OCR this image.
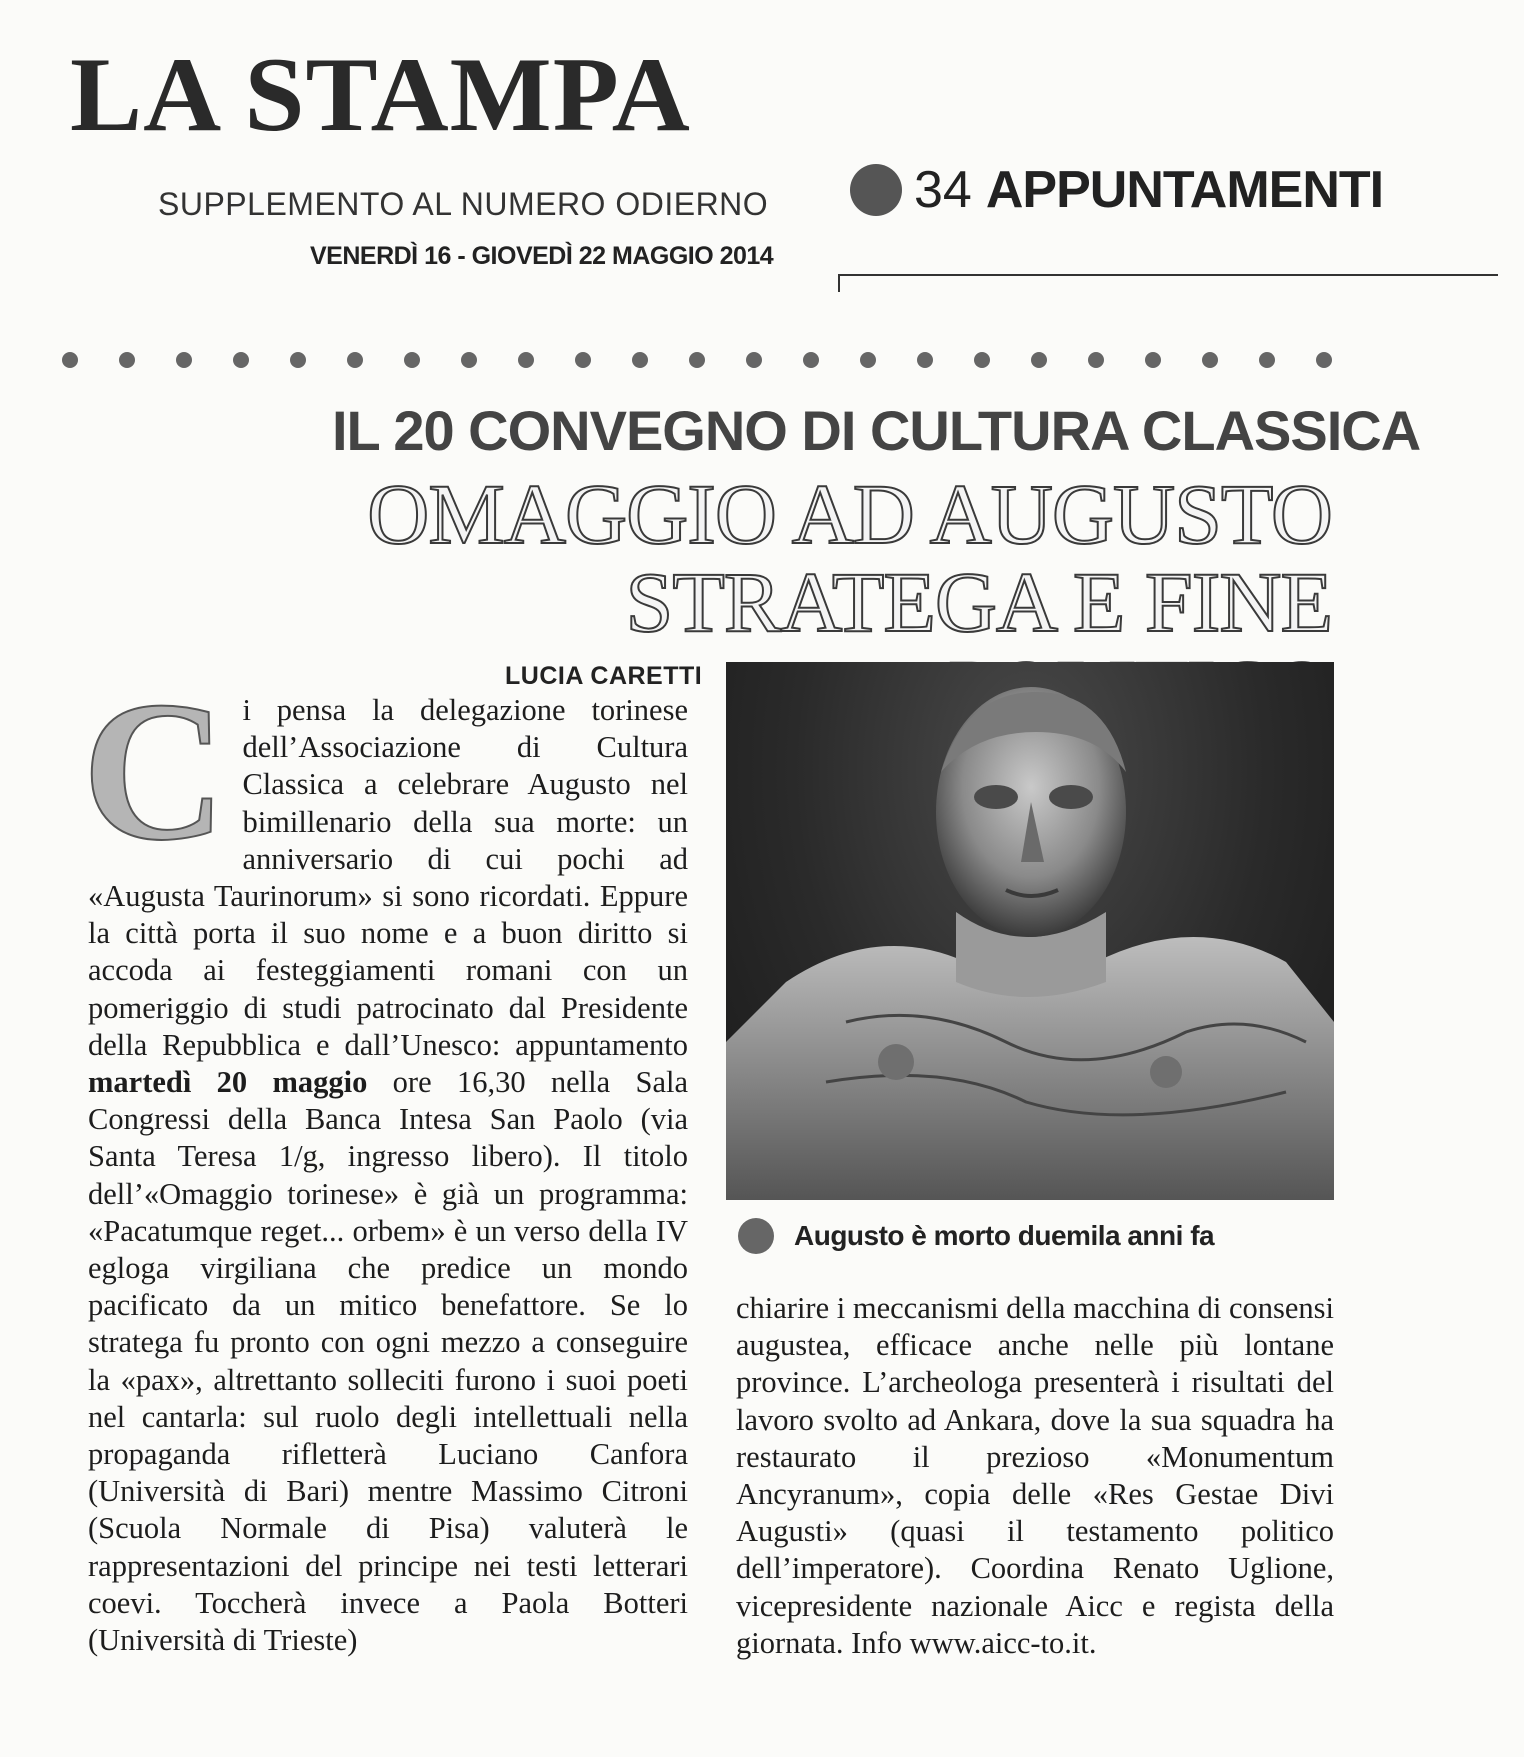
LA STAMPA
SUPPLEMENTO AL NUMERO ODIERNO
VENERDÌ 16 - GIOVEDÌ 22 MAGGIO 2014
34 APPUNTAMENTI
IL 20 CONVEGNO DI CULTURA CLASSICA
OMAGGIO AD AUGUSTO
STRATEGA E FINE
LUCIA CARETTI

Ci pensa la delegazione torinese dell’Associazione di Cultura Classica a celebrare Augusto nel bimillenario della sua morte: un anniversario di cui pochi ad «Augusta Taurinorum» si sono ricordati. Eppure la città porta il suo nome e a buon diritto si accoda ai festeggiamenti romani con un pomeriggio di studi patrocinato dal Presidente della Repubblica e dall’Unesco: appuntamento martedì 20 maggio ore 16,30 nella Sala Congressi della Banca Intesa San Paolo (via Santa Teresa 1/g, ingresso libero). Il titolo dell’«Omaggio torinese» è già un programma: «Pacatumque reget... orbem» è un verso della IV egloga virgiliana che predice un mondo pacificato da un mitico benefattore. Se lo stratega fu pronto con ogni mezzo a conseguire la «pax», altrettanto solleciti furono i suoi poeti nel cantarla: sul ruolo degli intellettuali nella propaganda rifletterà Luciano Canfora (Università di Bari) mentre Massimo Citroni (Scuola Normale di Pisa) valuterà le rappresentazioni del principe nei testi letterari coevi. Toccherà invece a Paola Botteri (Università di Trieste)

Augusto è morto duemila anni fa

chiarire i meccanismi della macchina di consensi augustea, efficace anche nelle più lontane province. L’archeologa presenterà i risultati del lavoro svolto ad Ankara, dove la sua squadra ha restaurato il prezioso «Monumentum Ancyranum», copia delle «Res Gestae Divi Augusti» (quasi il testamento politico dell’imperatore). Coordina Renato Uglione, vicepresidente nazionale Aicc e regista della giornata. Info www.aicc-to.it.
